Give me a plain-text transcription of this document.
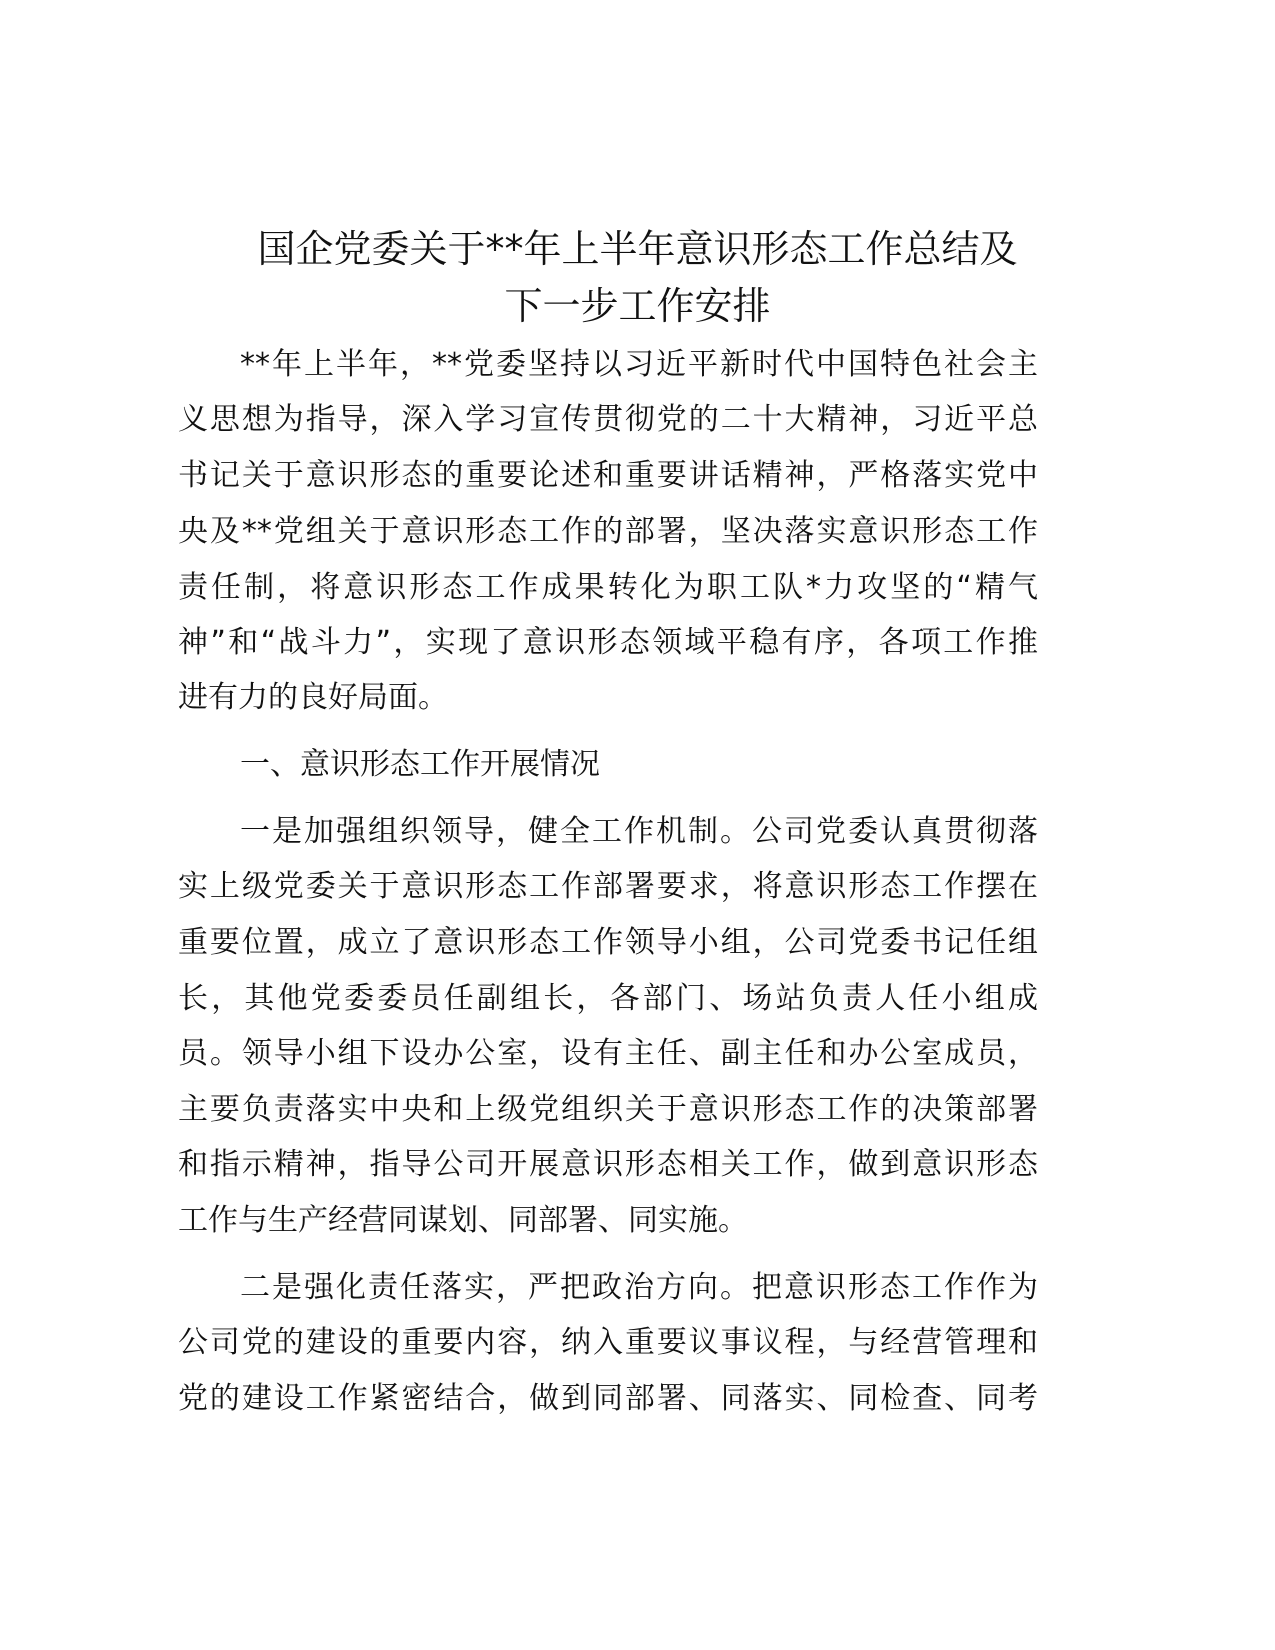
国企党委关于**年上半年意识形态工作总结及
下一步工作安排
**年上半年，**党委坚持以习近平新时代中国特色社会主
义思想为指导，深入学习宣传贯彻党的二十大精神，习近平总
书记关于意识形态的重要论述和重要讲话精神，严格落实党中
央及**党组关于意识形态工作的部署，坚决落实意识形态工作
责任制，将意识形态工作成果转化为职工队*力攻坚的“精气
神”和“战斗力”，实现了意识形态领域平稳有序，各项工作推
进有力的良好局面。
一、意识形态工作开展情况
一是加强组织领导，健全工作机制。公司党委认真贯彻落
实上级党委关于意识形态工作部署要求，将意识形态工作摆在
重要位置，成立了意识形态工作领导小组，公司党委书记任组
长，其他党委委员任副组长，各部门、场站负责人任小组成
员。领导小组下设办公室，设有主任、副主任和办公室成员，
主要负责落实中央和上级党组织关于意识形态工作的决策部署
和指示精神，指导公司开展意识形态相关工作，做到意识形态
工作与生产经营同谋划、同部署、同实施。
二是强化责任落实，严把政治方向。把意识形态工作作为
公司党的建设的重要内容，纳入重要议事议程，与经营管理和
党的建设工作紧密结合，做到同部署、同落实、同检查、同考
